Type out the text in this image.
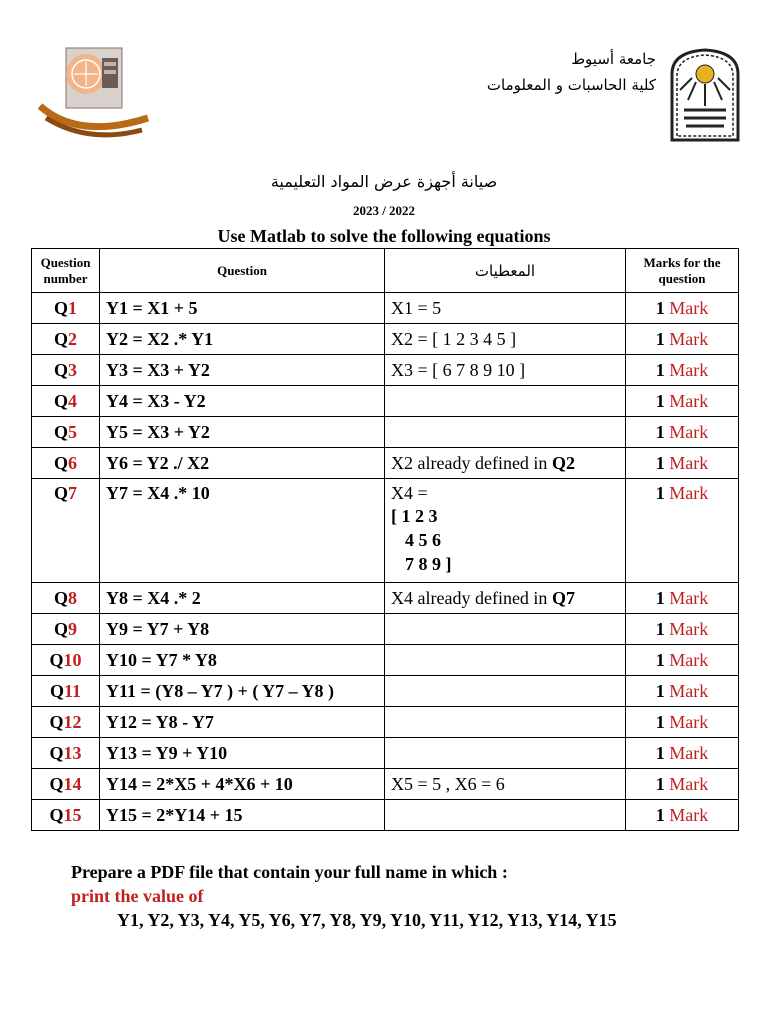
جامعة أسيوط
كلية الحاسبات و المعلومات
صيانة أجهزة عرض المواد التعليمية
2023 / 2022
Use Matlab to solve the following equations
Question number	Question	المعطيات	Marks for the question
Q1	Y1 = X1 + 5	X1 = 5	1 Mark
Q2	Y2 = X2 .* Y1	X2 = [ 1 2 3 4 5 ]	1 Mark
Q3	Y3 = X3 + Y2	X3 = [ 6 7 8 9 10 ]	1 Mark
Q4	Y4 = X3 - Y2		1 Mark
Q5	Y5 = X3 + Y2		1 Mark
Q6	Y6 = Y2 ./ X2	X2 already defined in Q2	1 Mark
Q7	Y7 = X4 .* 10	X4 =
[ 1 2 3
4 5 6
7 8 9 ]	1 Mark
Q8	Y8 = X4 .* 2	X4 already defined in Q7	1 Mark
Q9	Y9 = Y7 + Y8		1 Mark
Q10	Y10 = Y7 * Y8		1 Mark
Q11	Y11 = (Y8 – Y7 ) + ( Y7 – Y8 )		1 Mark
Q12	Y12 = Y8 - Y7		1 Mark
Q13	Y13 = Y9 + Y10		1 Mark
Q14	Y14 = 2*X5 + 4*X6 + 10	X5 = 5 , X6 = 6	1 Mark
Q15	Y15 = 2*Y14 + 15		1 Mark
Prepare a PDF file that contain your full name in which :
print the value of
Y1, Y2, Y3, Y4, Y5, Y6, Y7, Y8, Y9, Y10, Y11, Y12, Y13, Y14, Y15
